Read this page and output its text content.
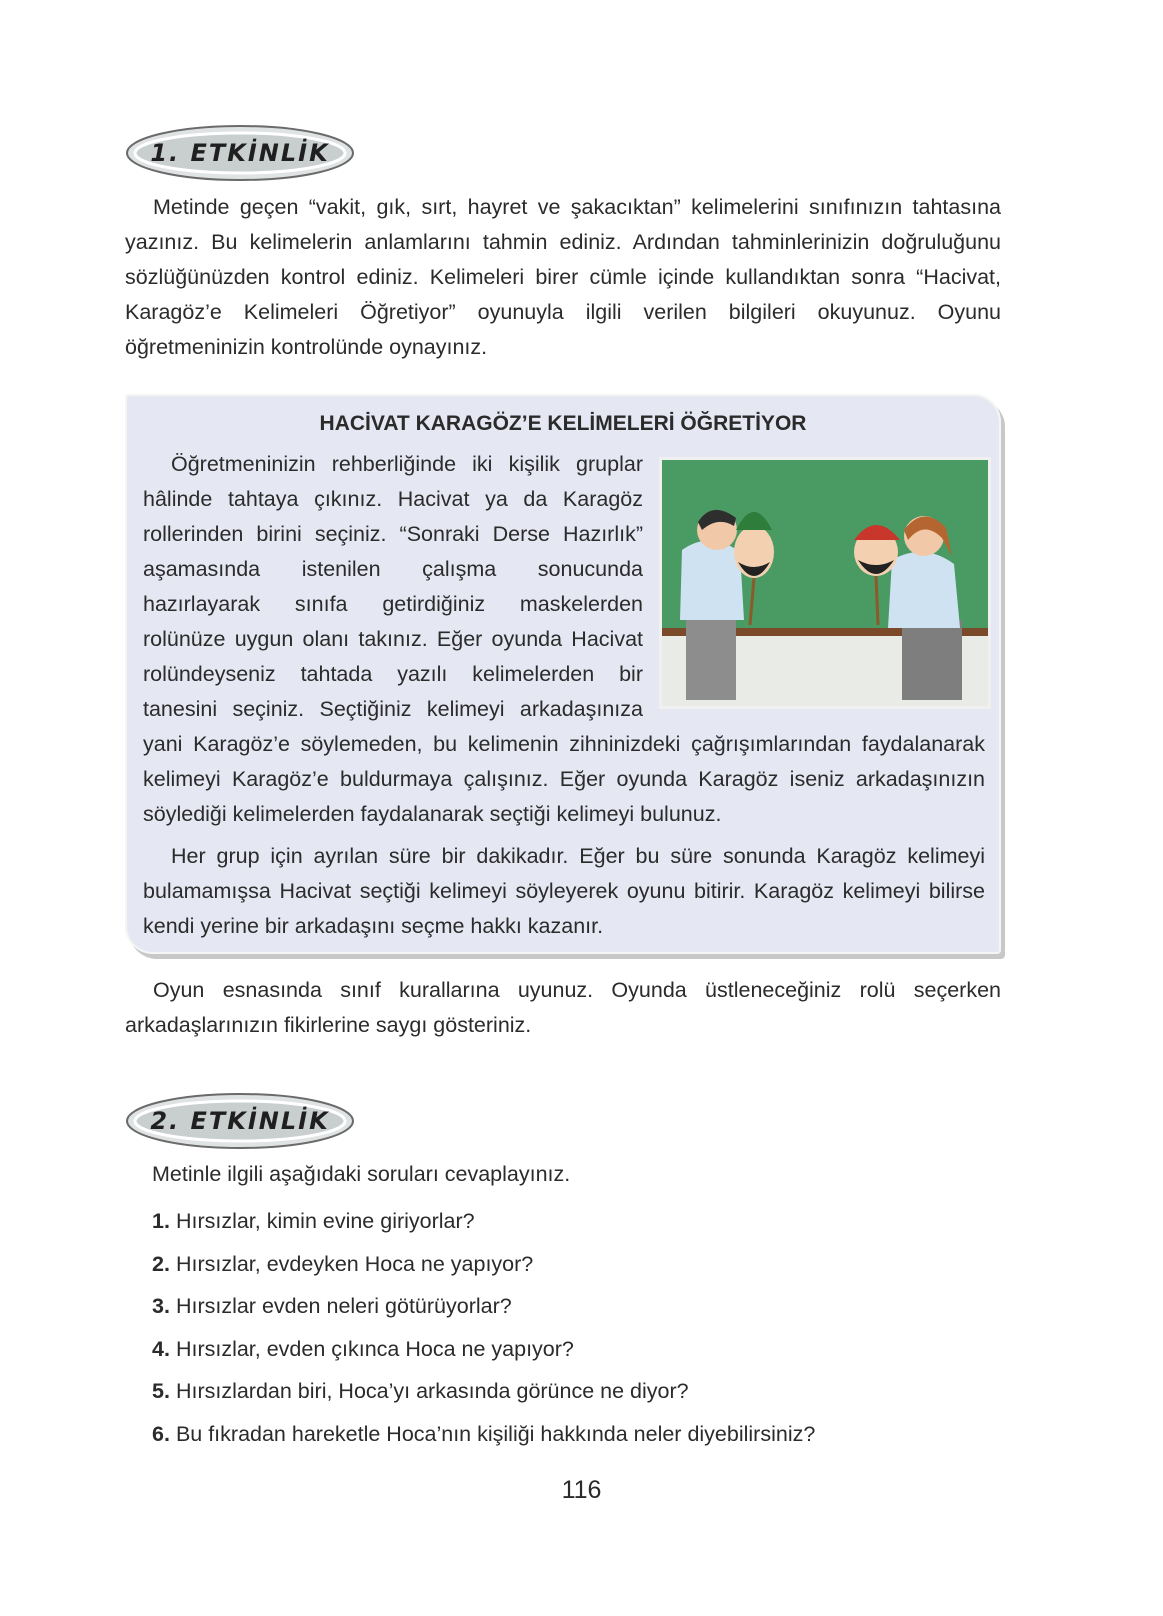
1. ETKİNLİK

Metinde geçen “vakit, gık, sırt, hayret ve şakacıktan” kelimelerini sınıfınızın tahtasına yazınız. Bu kelimelerin anlamlarını tahmin ediniz. Ardından tahminlerinizin doğruluğunu sözlüğünüzden kontrol ediniz. Kelimeleri birer cümle içinde kullandıktan sonra “Hacivat, Karagöz’e Kelimeleri Öğretiyor” oyunuyla ilgili verilen bilgileri okuyunuz. Oyunu öğretmeninizin kontrolünde oynayınız.

HACİVAT KARAGÖZ’E KELİMELERİ ÖĞRETİYOR

Öğretmeninizin rehberliğinde iki kişilik gruplar hâlinde tahtaya çıkınız. Hacivat ya da Karagöz rollerinden birini seçiniz. “Sonraki Derse Hazırlık” aşamasında istenilen çalışma sonucunda hazırlayarak sınıfa getirdiğiniz maskelerden rolünüze uygun olanı takınız. Eğer oyunda Hacivat rolündeyseniz tahtada yazılı kelimelerden bir tanesini seçiniz. Seçtiğiniz kelimeyi arkadaşınıza yani Karagöz’e söylemeden, bu kelimenin zihninizdeki çağrışımlarından faydalanarak kelimeyi Karagöz’e buldurmaya çalışınız. Eğer oyunda Karagöz iseniz arkadaşınızın söylediği kelimelerden faydalanarak seçtiği kelimeyi bulunuz.

Her grup için ayrılan süre bir dakikadır. Eğer bu süre sonunda Karagöz kelimeyi bulamamışsa Hacivat seçtiği kelimeyi söyleyerek oyunu bitirir. Karagöz kelimeyi bilirse kendi yerine bir arkadaşını seçme hakkı kazanır.

Oyun esnasında sınıf kurallarına uyunuz. Oyunda üstleneceğiniz rolü seçerken arkadaşlarınızın fikirlerine saygı gösteriniz.

2. ETKİNLİK

Metinle ilgili aşağıdaki soruları cevaplayınız.

1. Hırsızlar, kimin evine giriyorlar?
2. Hırsızlar, evdeyken Hoca ne yapıyor?
3. Hırsızlar evden neleri götürüyorlar?
4. Hırsızlar, evden çıkınca Hoca ne yapıyor?
5. Hırsızlardan biri, Hoca’yı arkasında görünce ne diyor?
6. Bu fıkradan hareketle Hoca’nın kişiliği hakkında neler diyebilirsiniz?

116
